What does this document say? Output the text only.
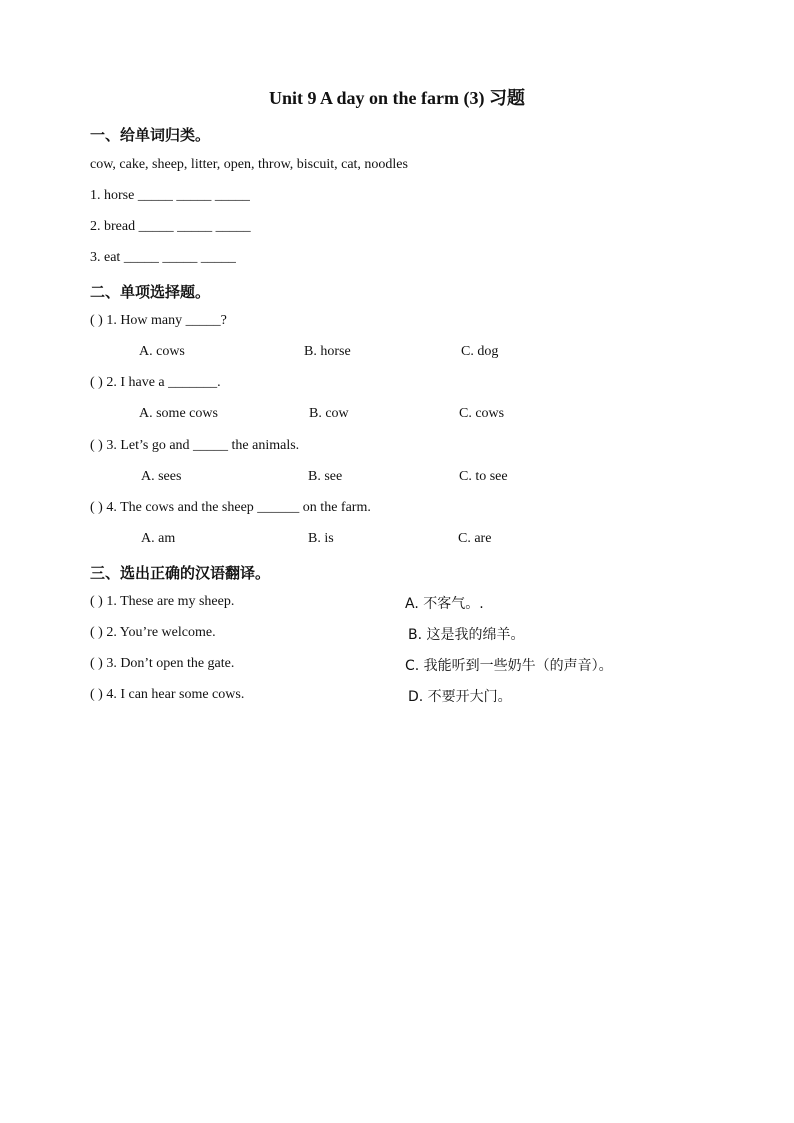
Unit 9 A day on the farm (3) 习题
一、给单词归类。
cow, cake, sheep, litter, open, throw, biscuit, cat, noodles
1. horse _____ _____ _____
2. bread _____ _____ _____
3. eat _____ _____ _____
二、单项选择题。
( ) 1. How many _____?
A. cows	B. horse	C. dog
( ) 2. I have a _______.
A. some cows	B. cow	C. cows
( ) 3. Let’s go and _____ the animals.
A. sees	B. see	C. to see
( ) 4. The cows and the sheep ______ on the farm.
A. am	B. is	C. are
三、选出正确的汉语翻译。
( ) 1. These are my sheep.	A. 不客气。.
( ) 2. You’re welcome.	B. 这是我的绵羊。
( ) 3. Don’t open the gate.	C. 我能听到一些奶牛（的声音）。
( ) 4. I can hear some cows.	D. 不要开大门。
